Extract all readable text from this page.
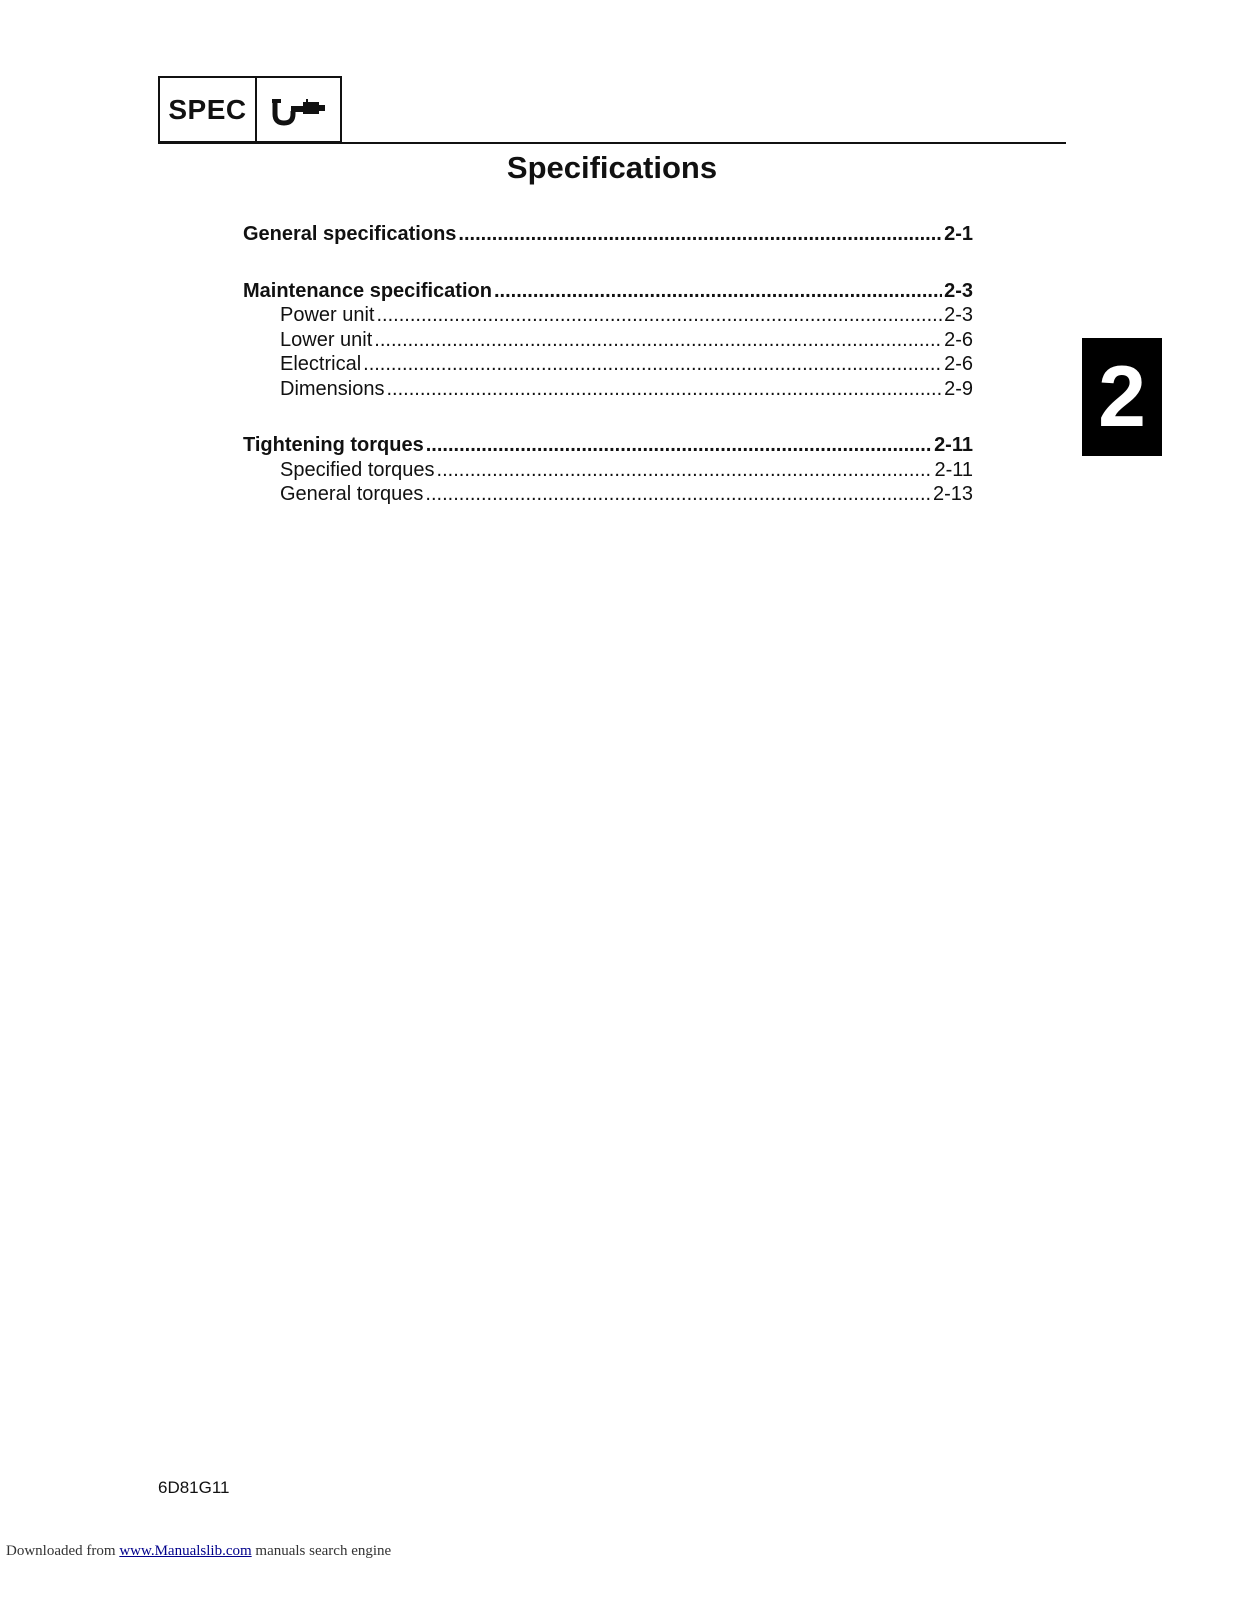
SPEC
Specifications
General specifications .....	2-1
Maintenance specification .....	2-3
Power unit .....	2-3
Lower unit .....	2-6
Electrical .....	2-6
Dimensions .....	2-9
Tightening torques .....	2-11
Specified torques .....	2-11
General torques .....	2-13
2
6D81G11
Downloaded from www.Manualslib.com manuals search engine
